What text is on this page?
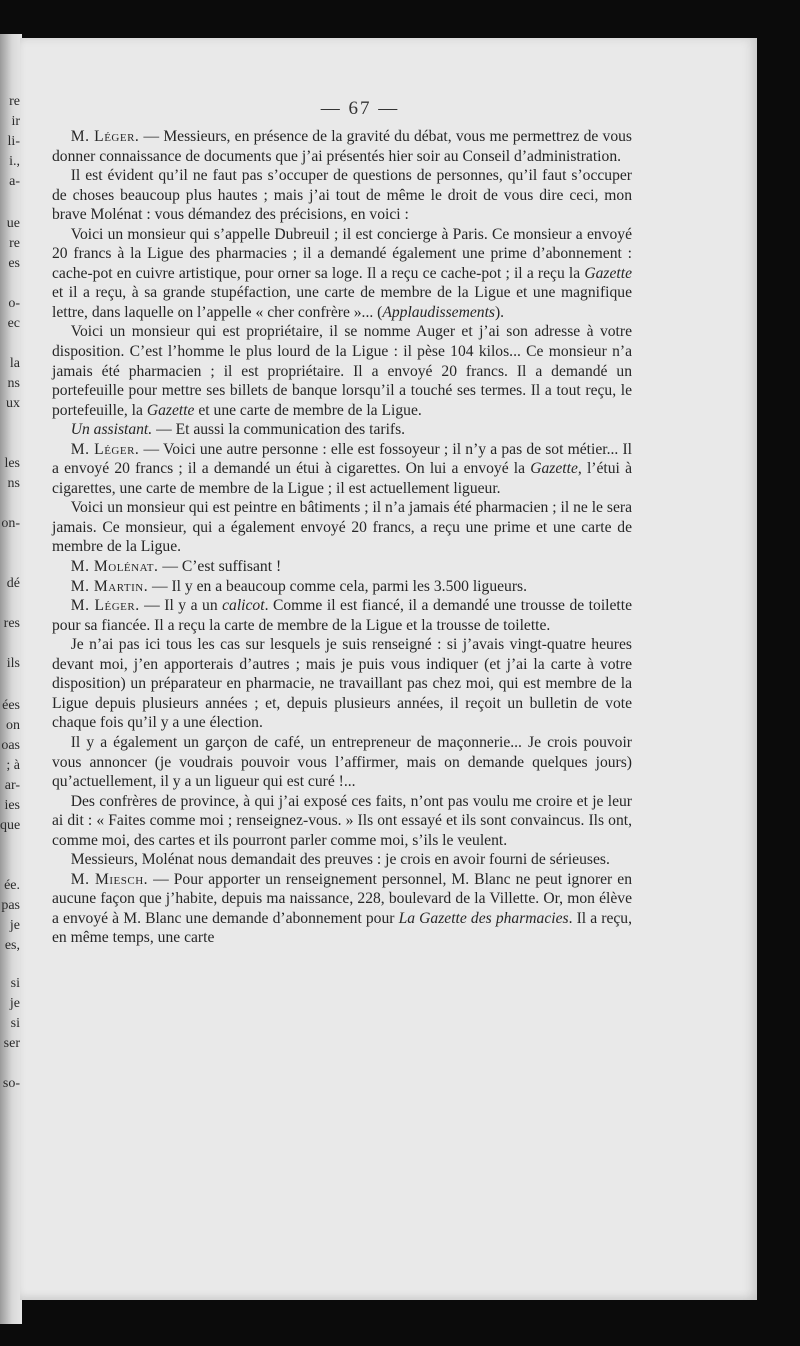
re
ir
li-
i.,
a-
ue
re
es
o-
ec
la
ns
ux
les
ns
on-
dé
res
ils
ées
on
oas
; à
ar-
ies
que
ée.
pas
je
es,
si
je
si
ser
so-
— 67 —

M. Léger. — Messieurs, en présence de la gravité du débat, vous me permettrez de vous donner connaissance de documents que j’ai présentés hier soir au Conseil d’administration.

Il est évident qu’il ne faut pas s’occuper de questions de personnes, qu’il faut s’occuper de choses beaucoup plus hautes ; mais j’ai tout de même le droit de vous dire ceci, mon brave Molénat : vous démandez des précisions, en voici :

Voici un monsieur qui s’appelle Dubreuil ; il est concierge à Paris. Ce monsieur a envoyé 20 francs à la Ligue des pharmacies ; il a demandé également une prime d’abonnement : cache-pot en cuivre artistique, pour orner sa loge. Il a reçu ce cache-pot ; il a reçu la Gazette et il a reçu, à sa grande stupéfaction, une carte de membre de la Ligue et une magnifique lettre, dans laquelle on l’appelle « cher confrère »... (Applaudissements).

Voici un monsieur qui est propriétaire, il se nomme Auger et j’ai son adresse à votre disposition. C’est l’homme le plus lourd de la Ligue : il pèse 104 kilos... Ce monsieur n’a jamais été pharmacien ; il est propriétaire. Il a envoyé 20 francs. Il a demandé un portefeuille pour mettre ses billets de banque lorsqu’il a touché ses termes. Il a tout reçu, le portefeuille, la Gazette et une carte de membre de la Ligue.

Un assistant. — Et aussi la communication des tarifs.

M. Léger. — Voici une autre personne : elle est fossoyeur ; il n’y a pas de sot métier... Il a envoyé 20 francs ; il a demandé un étui à cigarettes. On lui a envoyé la Gazette, l’étui à cigarettes, une carte de membre de la Ligue ; il est actuellement ligueur.

Voici un monsieur qui est peintre en bâtiments ; il n’a jamais été pharmacien ; il ne le sera jamais. Ce monsieur, qui a également envoyé 20 francs, a reçu une prime et une carte de membre de la Ligue.

M. Molénat. — C’est suffisant !

M. Martin. — Il y en a beaucoup comme cela, parmi les 3.500 ligueurs.

M. Léger. — Il y a un calicot. Comme il est fiancé, il a demandé une trousse de toilette pour sa fiancée. Il a reçu la carte de membre de la Ligue et la trousse de toilette.

Je n’ai pas ici tous les cas sur lesquels je suis renseigné : si j’avais vingt-quatre heures devant moi, j’en apporterais d’autres ; mais je puis vous indiquer (et j’ai la carte à votre disposition) un préparateur en pharmacie, ne travaillant pas chez moi, qui est membre de la Ligue depuis plusieurs années ; et, depuis plusieurs années, il reçoit un bulletin de vote chaque fois qu’il y a une élection.

Il y a également un garçon de café, un entrepreneur de maçonnerie... Je crois pouvoir vous annoncer (je voudrais pouvoir vous l’affirmer, mais on demande quelques jours) qu’actuellement, il y a un ligueur qui est curé !...

Des confrères de province, à qui j’ai exposé ces faits, n’ont pas voulu me croire et je leur ai dit : « Faites comme moi ; renseignez-vous. » Ils ont essayé et ils sont convaincus. Ils ont, comme moi, des cartes et ils pourront parler comme moi, s’ils le veulent.

Messieurs, Molénat nous demandait des preuves : je crois en avoir fourni de sérieuses.

M. Miesch. — Pour apporter un renseignement personnel, M. Blanc ne peut ignorer en aucune façon que j’habite, depuis ma naissance, 228, boulevard de la Villette. Or, mon élève a envoyé à M. Blanc une demande d’abonnement pour La Gazette des pharmacies. Il a reçu, en même temps, une carte
